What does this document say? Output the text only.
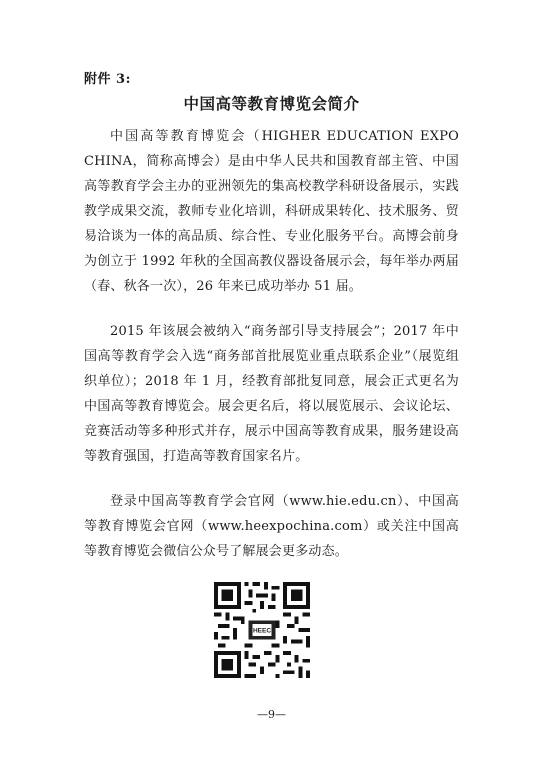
附件 3:
中国高等教育博览会简介

中国高等教育博览会（HIGHER EDUCATION EXPO CHINA，简称高博会）是由中华人民共和国教育部主管、中国高等教育学会主办的亚洲领先的集高校教学科研设备展示，实践教学成果交流，教师专业化培训，科研成果转化、技术服务、贸易洽谈为一体的高品质、综合性、专业化服务平台。高博会前身为创立于 1992 年秋的全国高教仪器设备展示会，每年举办两届（春、秋各一次），26 年来已成功举办 51 届。

2015 年该展会被纳入“商务部引导支持展会”；2017 年中国高等教育学会入选“商务部首批展览业重点联系企业”（展览组织单位）；2018 年 1 月，经教育部批复同意，展会正式更名为中国高等教育博览会。展会更名后，将以展览展示、会议论坛、竞赛活动等多种形式并存，展示中国高等教育成果，服务建设高等教育强国，打造高等教育国家名片。

登录中国高等教育学会官网（www.hie.edu.cn）、中国高等教育博览会官网（www.heexpochina.com）或关注中国高等教育博览会微信公众号了解展会更多动态。

HEEC
—9—
